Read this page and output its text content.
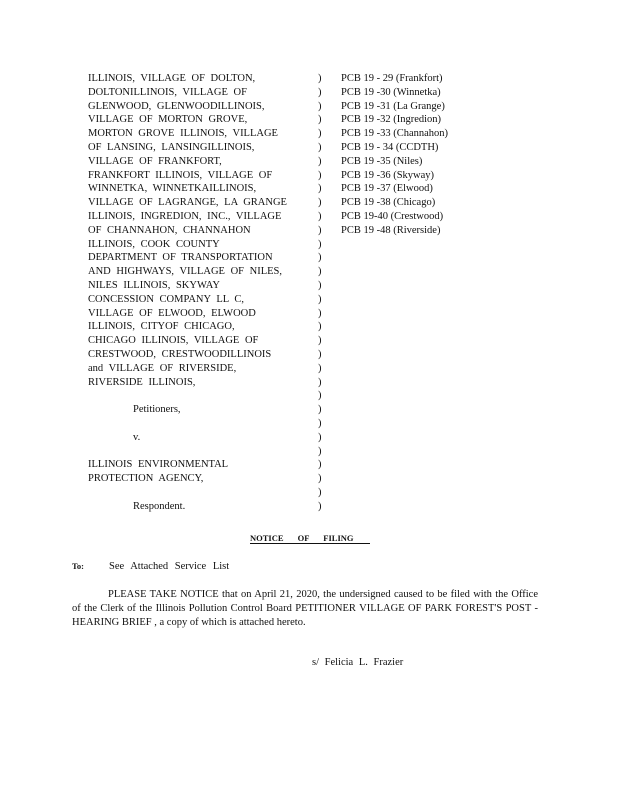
ILLINOIS, VILLAGE OF DOLTON,
DOLTONILLINOIS, VILLAGE OF
GLENWOOD, GLENWOODILLINOIS,
VILLAGE OF MORTON GROVE,
MORTON GROVE ILLINOIS, VILLAGE
OF LANSING, LANSINGILLINOIS,
VILLAGE OF FRANKFORT,
FRANKFORT ILLINOIS, VILLAGE OF
WINNETKA, WINNETKAILLINOIS,
VILLAGE OF LAGRANGE, LA GRANGE
ILLINOIS, INGREDION, INC., VILLAGE
OF CHANNAHON, CHANNAHON
ILLINOIS, COOK COUNTY
DEPARTMENT OF TRANSPORTATION
AND HIGHWAYS, VILLAGE OF NILES,
NILES ILLINOIS, SKYWAY
CONCESSION COMPANY LL C,
VILLAGE OF ELWOOD, ELWOOD
ILLINOIS, CITYOF CHICAGO,
CHICAGO ILLINOIS, VILLAGE OF
CRESTWOOD, CRESTWOODILLINOIS
and VILLAGE OF RIVERSIDE,
RIVERSIDE ILLINOIS,
Petitioners,
v.
ILLINOIS ENVIRONMENTAL
PROTECTION AGENCY,
Respondent.
)
)
)
)
)
)
)
)
)
)
)
)
)
)
)
)
)
)
)
)
)
)
)
)
)
)
)
)
)
)
)
)
PCB 19 - 29 (Frankfort)
PCB 19 -30 (Winnetka)
PCB 19 -31 (La Grange)
PCB 19 -32 (Ingredion)
PCB 19 -33 (Channahon)
PCB 19 - 34 (CCDTH)
PCB 19 -35 (Niles)
PCB 19 -36 (Skyway)
PCB 19 -37 (Elwood)
PCB 19 -38 (Chicago)
PCB 19-40 (Crestwood)
PCB 19 -48 (Riverside)
NOTICE OF FILING
To: See Attached Service List
PLEASE TAKE NOTICE that on April 21, 2020, the undersigned caused to be filed with the Office of the Clerk of the Illinois Pollution Control Board PETITIONER VILLAGE OF PARK FOREST'S POST -HEARING BRIEF , a copy of which is attached hereto.
s/ Felicia L. Frazier
